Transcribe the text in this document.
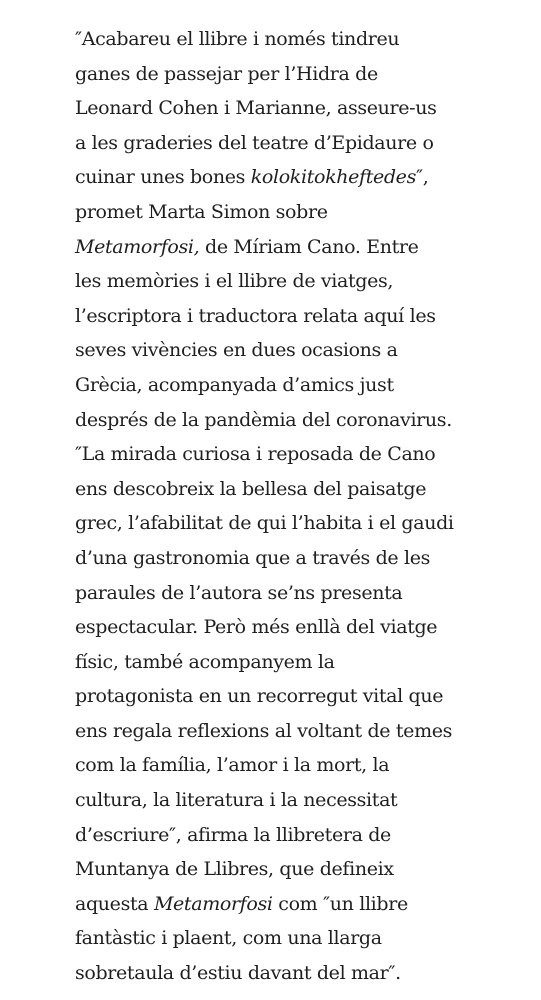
″Acabareu el llibre i només tindreu
ganes de passejar per l’Hidra de
Leonard Cohen i Marianne, asseure-us
a les graderies del teatre d’Epidaure o
cuinar unes bones kolokitokheftedes″,
promet Marta Simon sobre
Metamorfosi, de Míriam Cano. Entre
les memòries i el llibre de viatges,
l’escriptora i traductora relata aquí les
seves vivències en dues ocasions a
Grècia, acompanyada d’amics just
després de la pandèmia del coronavirus.
″La mirada curiosa i reposada de Cano
ens descobreix la bellesa del paisatge
grec, l’afabilitat de qui l’habita i el gaudi
d’una gastronomia que a través de les
paraules de l’autora se’ns presenta
espectacular. Però més enllà del viatge
físic, també acompanyem la
protagonista en un recorregut vital que
ens regala reflexions al voltant de temes
com la família, l’amor i la mort, la
cultura, la literatura i la necessitat
d’escriure″, afirma la llibretera de
Muntanya de Llibres, que defineix
aquesta Metamorfosi com ″un llibre
fantàstic i plaent, com una llarga
sobretaula d’estiu davant del mar″.
